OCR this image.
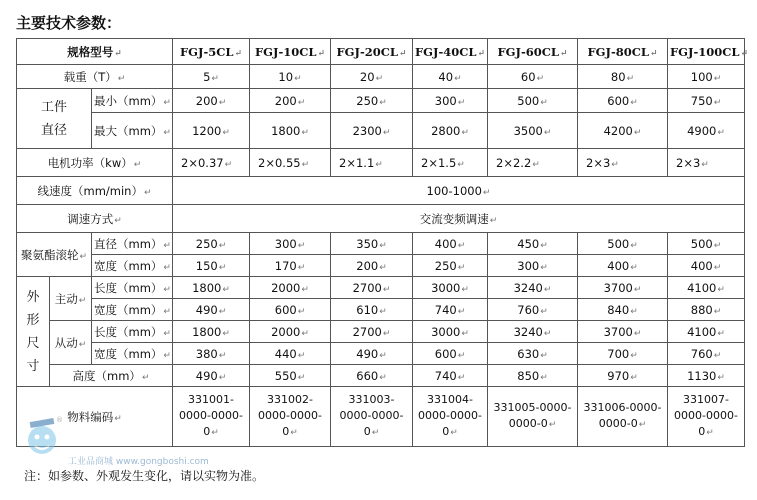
主要技术参数：
规格型号↵			FGJ-5CL↵	FGJ-10CL↵	FGJ-20CL↵	FGJ-40CL↵	FGJ-60CL↵	FGJ-80CL↵	FGJ-100CL↵
载重（T）↵			5↵	10↵	20↵	40↵	60↵	80↵	100↵

工件
直径		最小（mm）↵	200↵	200↵	250↵	300↵	500↵	600↵	750↵
		最大（mm）↵	1200↵	1800↵	2300↵	2800↵	3500↵	4200↵	4900↵
电机功率（kw）↵			2×0.37↵	2×0.55↵	2×1.1↵	2×1.5↵	2×2.2↵	2×3↵	2×3↵
线速度（mm/min）↵			100-1000↵						
调速方式↵			交流变频调速↵						
聚氨酯滚轮↵		直径（mm）↵	250↵	300↵	350↵	400↵	450↵	500↵	500↵
		宽度（mm）↵	150↵	170↵	200↵	250↵	300↵	400↵	400↵

外
形
尺
寸	主动↵	长度（mm）↵	1800↵	2000↵	2700↵	3000↵	3240↵	3700↵	4100↵
		宽度（mm）↵	490↵	600↵	610↵	740↵	760↵	840↵	880↵
	从动↵	长度（mm）↵	1800↵	2000↵	2700↵	3000↵	3240↵	3700↵	4100↵
		宽度（mm）↵	380↵	440↵	490↵	600↵	630↵	700↵	760↵
	高度（mm）↵		490↵	550↵	660↵	740↵	850↵	970↵	1130↵
物料编码↵			331001-0000-0000-0↵	331002-0000-0000-0↵	331003-0000-0000-0↵	331004-0000-0000-0↵	331005-0000-0000-0↵	331006-0000-0000-0↵	331007-0000-0000-0↵
®
工业品商城 www.gongboshi.com
注：如参数、外观发生变化，请以实物为准。
